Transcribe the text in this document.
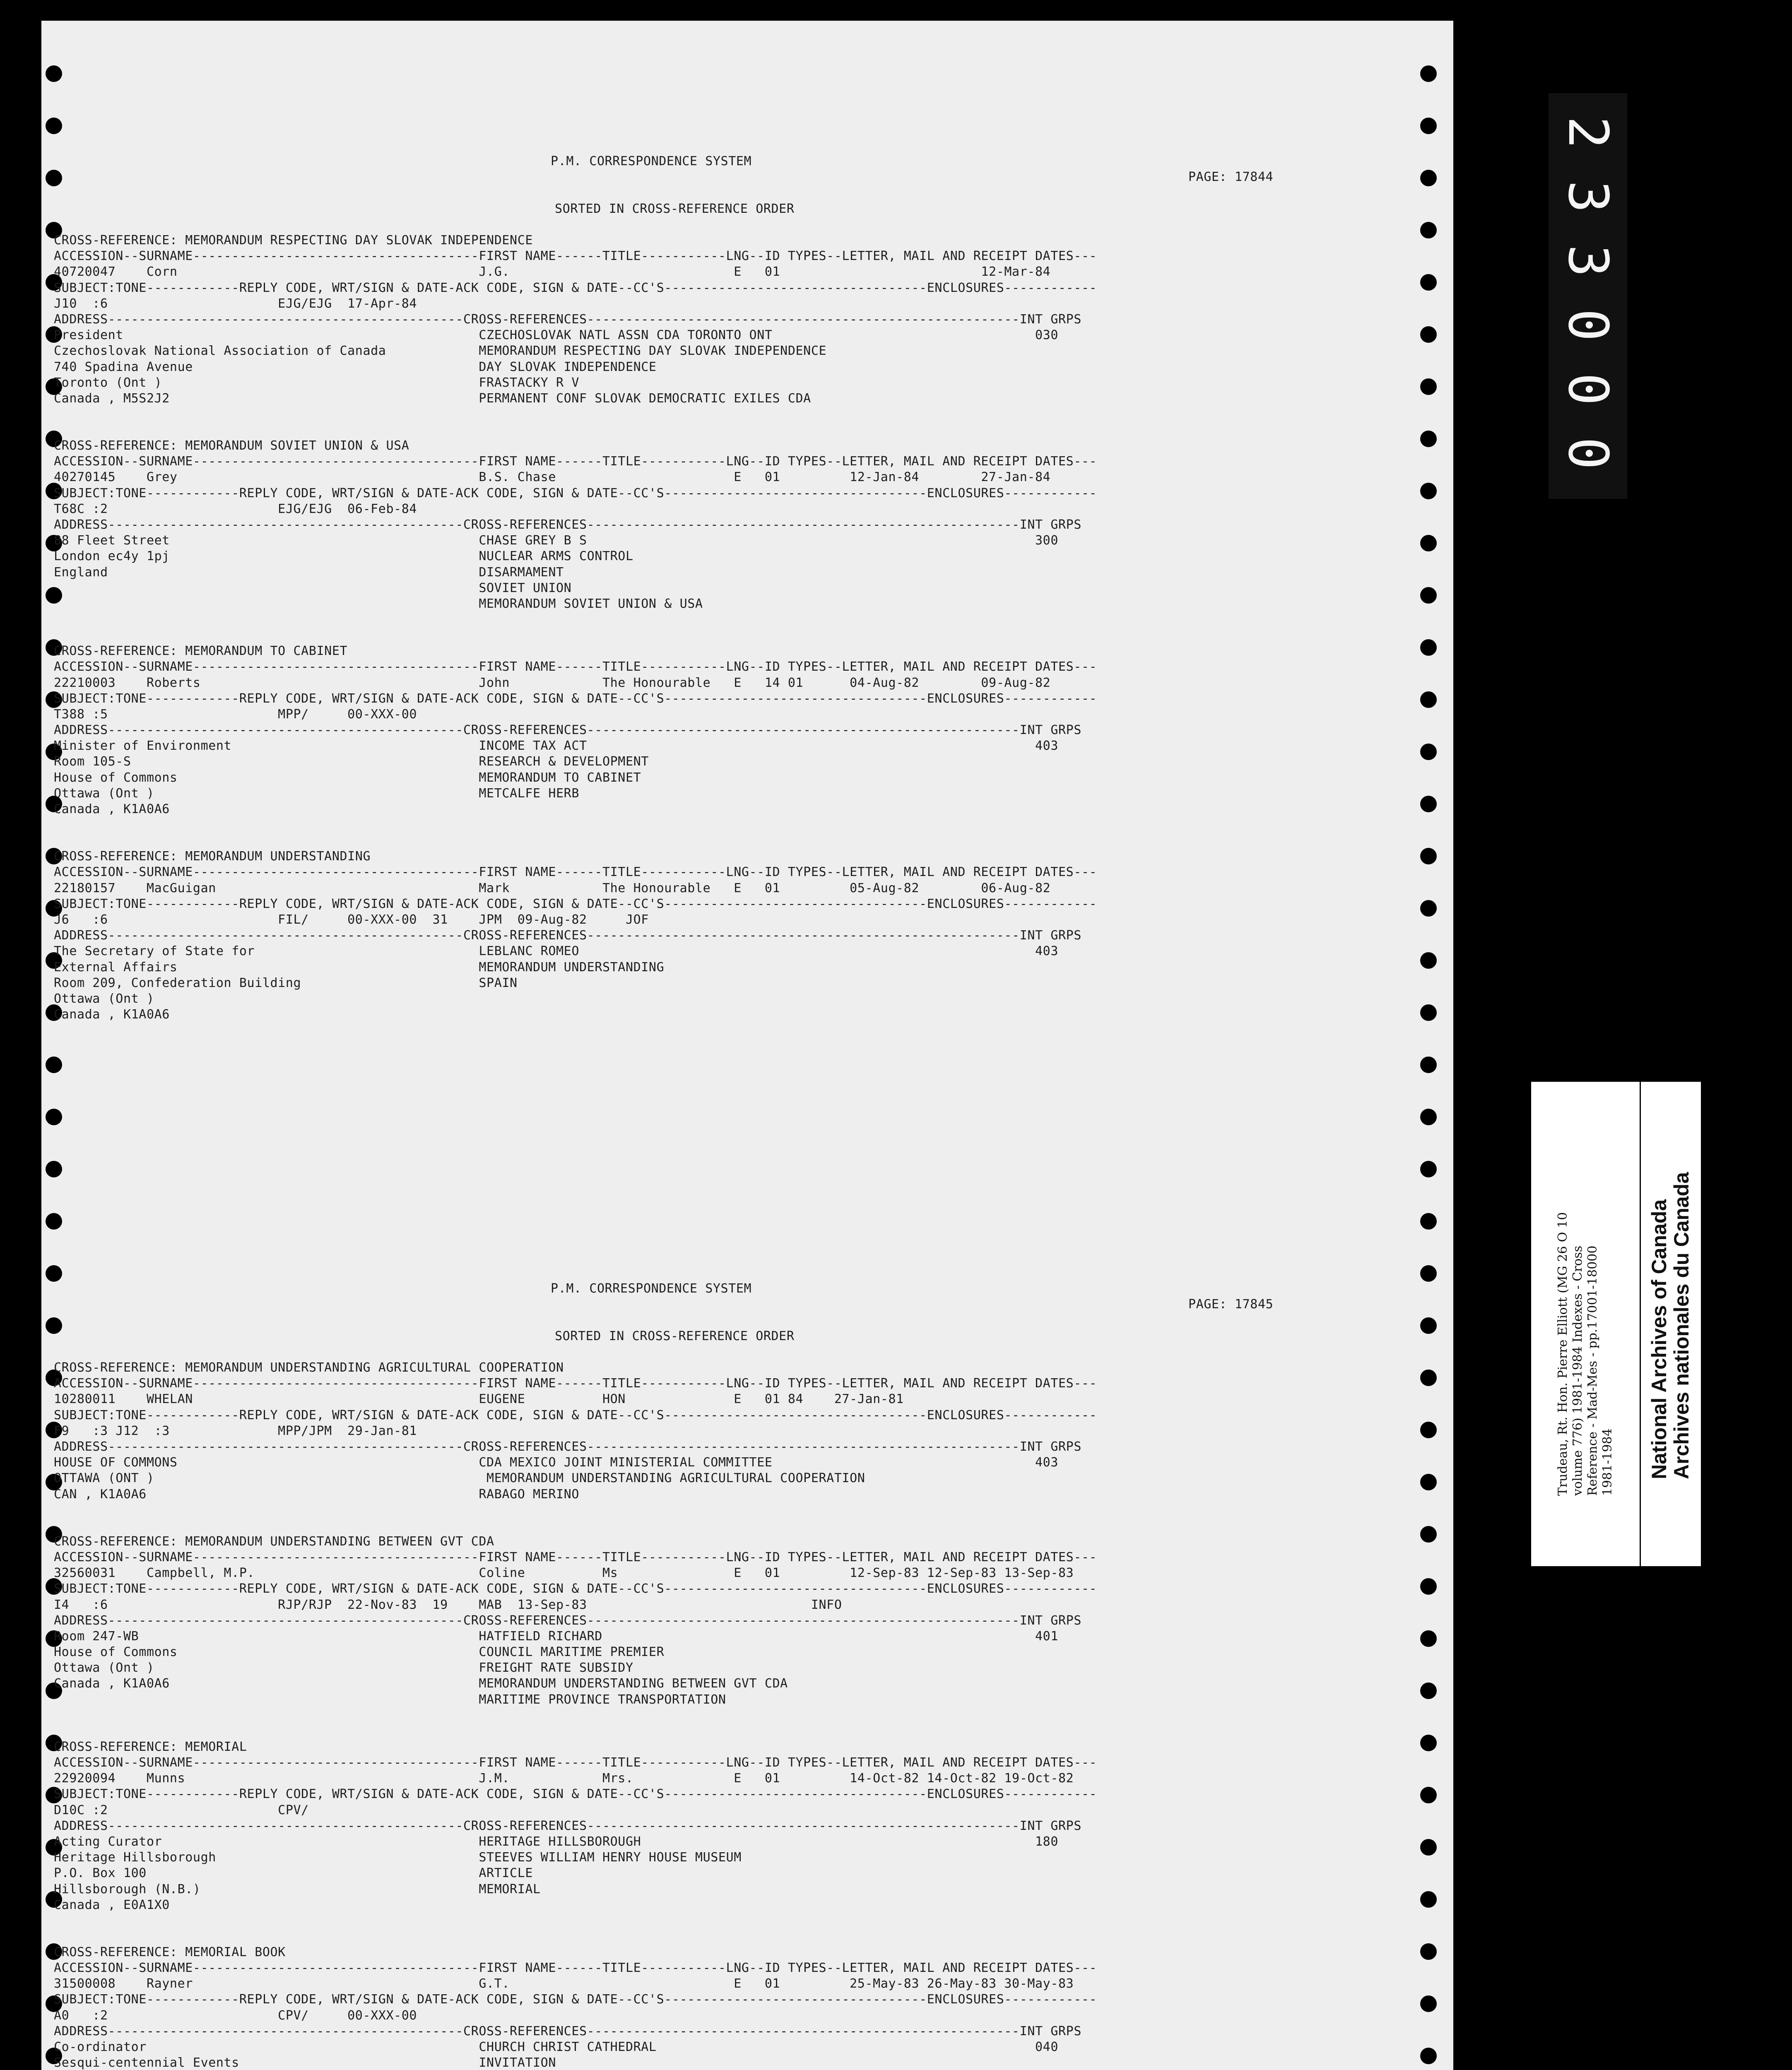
P.M. CORRESPONDENCE SYSTEM

PAGE: 17844

SORTED IN CROSS-REFERENCE ORDER

CROSS-REFERENCE: MEMORANDUM RESPECTING DAY SLOVAK INDEPENDENCE
ACCESSION--SURNAME-------------------------------------FIRST NAME------TITLE-----------LNG--ID TYPES--LETTER, MAIL AND RECEIPT DATES---
40720047    Corn                                       J.G.                             E   01                          12-Mar-84
SUBJECT:TONE------------REPLY CODE, WRT/SIGN & DATE-ACK CODE, SIGN & DATE--CC'S----------------------------------ENCLOSURES------------
J10  :6                      EJG/EJG  17-Apr-84
ADDRESS----------------------------------------------CROSS-REFERENCES--------------------------------------------------------INT GRPS
President                                              CZECHOSLOVAK NATL ASSN CDA TORONTO ONT                                  030
Czechoslovak National Association of Canada            MEMORANDUM RESPECTING DAY SLOVAK INDEPENDENCE
740 Spadina Avenue                                     DAY SLOVAK INDEPENDENCE
Toronto (Ont )                                         FRASTACKY R V
Canada , M5S2J2                                        PERMANENT CONF SLOVAK DEMOCRATIC EXILES CDA
CROSS-REFERENCE: MEMORANDUM SOVIET UNION & USA
ACCESSION--SURNAME-------------------------------------FIRST NAME------TITLE-----------LNG--ID TYPES--LETTER, MAIL AND RECEIPT DATES---
40270145    Grey                                       B.S. Chase                       E   01         12-Jan-84        27-Jan-84
SUBJECT:TONE------------REPLY CODE, WRT/SIGN & DATE-ACK CODE, SIGN & DATE--CC'S----------------------------------ENCLOSURES------------
T68C :2                      EJG/EJG  06-Feb-84
ADDRESS----------------------------------------------CROSS-REFERENCES--------------------------------------------------------INT GRPS
88 Fleet Street                                        CHASE GREY B S                                                          300
London ec4y 1pj                                        NUCLEAR ARMS CONTROL
England                                                DISARMAMENT
SOVIET UNION
MEMORANDUM SOVIET UNION & USA
CROSS-REFERENCE: MEMORANDUM TO CABINET
ACCESSION--SURNAME-------------------------------------FIRST NAME------TITLE-----------LNG--ID TYPES--LETTER, MAIL AND RECEIPT DATES---
22210003    Roberts                                    John            The Honourable   E   14 01      04-Aug-82        09-Aug-82
SUBJECT:TONE------------REPLY CODE, WRT/SIGN & DATE-ACK CODE, SIGN & DATE--CC'S----------------------------------ENCLOSURES------------
T388 :5                      MPP/     00-XXX-00
ADDRESS----------------------------------------------CROSS-REFERENCES--------------------------------------------------------INT GRPS
Minister of Environment                                INCOME TAX ACT                                                          403
Room 105-S                                             RESEARCH & DEVELOPMENT
House of Commons                                       MEMORANDUM TO CABINET
Ottawa (Ont )                                          METCALFE HERB
Canada , K1A0A6
CROSS-REFERENCE: MEMORANDUM UNDERSTANDING
ACCESSION--SURNAME-------------------------------------FIRST NAME------TITLE-----------LNG--ID TYPES--LETTER, MAIL AND RECEIPT DATES---
22180157    MacGuigan                                  Mark            The Honourable   E   01         05-Aug-82        06-Aug-82
SUBJECT:TONE------------REPLY CODE, WRT/SIGN & DATE-ACK CODE, SIGN & DATE--CC'S----------------------------------ENCLOSURES------------
J6   :6                      FIL/     00-XXX-00  31    JPM  09-Aug-82     JOF
ADDRESS----------------------------------------------CROSS-REFERENCES--------------------------------------------------------INT GRPS
The Secretary of State for                             LEBLANC ROMEO                                                           403
External Affairs                                       MEMORANDUM UNDERSTANDING
Room 209, Confederation Building                       SPAIN
Ottawa (Ont )
Canada , K1A0A6

P.M. CORRESPONDENCE SYSTEM

PAGE: 17845

SORTED IN CROSS-REFERENCE ORDER

CROSS-REFERENCE: MEMORANDUM UNDERSTANDING AGRICULTURAL COOPERATION
ACCESSION--SURNAME-------------------------------------FIRST NAME------TITLE-----------LNG--ID TYPES--LETTER, MAIL AND RECEIPT DATES---
10280011    WHELAN                                     EUGENE          HON              E   01 84    27-Jan-81
SUBJECT:TONE------------REPLY CODE, WRT/SIGN & DATE-ACK CODE, SIGN & DATE--CC'S----------------------------------ENCLOSURES------------
F9   :3 J12  :3              MPP/JPM  29-Jan-81
ADDRESS----------------------------------------------CROSS-REFERENCES--------------------------------------------------------INT GRPS
HOUSE OF COMMONS                                       CDA MEXICO JOINT MINISTERIAL COMMITTEE                                  403
OTTAWA (ONT )                                           MEMORANDUM UNDERSTANDING AGRICULTURAL COOPERATION
CAN , K1A0A6                                           RABAGO MERINO
CROSS-REFERENCE: MEMORANDUM UNDERSTANDING BETWEEN GVT CDA
ACCESSION--SURNAME-------------------------------------FIRST NAME------TITLE-----------LNG--ID TYPES--LETTER, MAIL AND RECEIPT DATES---
32560031    Campbell, M.P.                             Coline          Ms               E   01         12-Sep-83 12-Sep-83 13-Sep-83
SUBJECT:TONE------------REPLY CODE, WRT/SIGN & DATE-ACK CODE, SIGN & DATE--CC'S----------------------------------ENCLOSURES------------
I4   :6                      RJP/RJP  22-Nov-83  19    MAB  13-Sep-83                             INFO
ADDRESS----------------------------------------------CROSS-REFERENCES--------------------------------------------------------INT GRPS
Room 247-WB                                            HATFIELD RICHARD                                                        401
House of Commons                                       COUNCIL MARITIME PREMIER
Ottawa (Ont )                                          FREIGHT RATE SUBSIDY
Canada , K1A0A6                                        MEMORANDUM UNDERSTANDING BETWEEN GVT CDA
MARITIME PROVINCE TRANSPORTATION
CROSS-REFERENCE: MEMORIAL
ACCESSION--SURNAME-------------------------------------FIRST NAME------TITLE-----------LNG--ID TYPES--LETTER, MAIL AND RECEIPT DATES---
22920094    Munns                                      J.M.            Mrs.             E   01         14-Oct-82 14-Oct-82 19-Oct-82
SUBJECT:TONE------------REPLY CODE, WRT/SIGN & DATE-ACK CODE, SIGN & DATE--CC'S----------------------------------ENCLOSURES------------
D10C :2                      CPV/
ADDRESS----------------------------------------------CROSS-REFERENCES--------------------------------------------------------INT GRPS
Acting Curator                                         HERITAGE HILLSBOROUGH                                                   180
Heritage Hillsborough                                  STEEVES WILLIAM HENRY HOUSE MUSEUM
P.O. Box 100                                           ARTICLE
Hillsborough (N.B.)                                    MEMORIAL
Canada , E0A1X0
CROSS-REFERENCE: MEMORIAL BOOK
ACCESSION--SURNAME-------------------------------------FIRST NAME------TITLE-----------LNG--ID TYPES--LETTER, MAIL AND RECEIPT DATES---
31500008    Rayner                                     G.T.                             E   01         25-May-83 26-May-83 30-May-83
SUBJECT:TONE------------REPLY CODE, WRT/SIGN & DATE-ACK CODE, SIGN & DATE--CC'S----------------------------------ENCLOSURES------------
A0   :2                      CPV/     00-XXX-00
ADDRESS----------------------------------------------CROSS-REFERENCES--------------------------------------------------------INT GRPS
Co-ordinator                                           CHURCH CHRIST CATHEDRAL                                                 040
Sesqui-centennial Events                               INVITATION

0
0
0
3
3
2
Trudeau, Rt. Hon. Pierre Elliott (MG 26 O 10 volume 776) 1981-1984 Indexes - Cross Reference - Mad-Mes - pp.17001-18000 1981-1984 National Archives of Canada
Archives nationales du Canada
